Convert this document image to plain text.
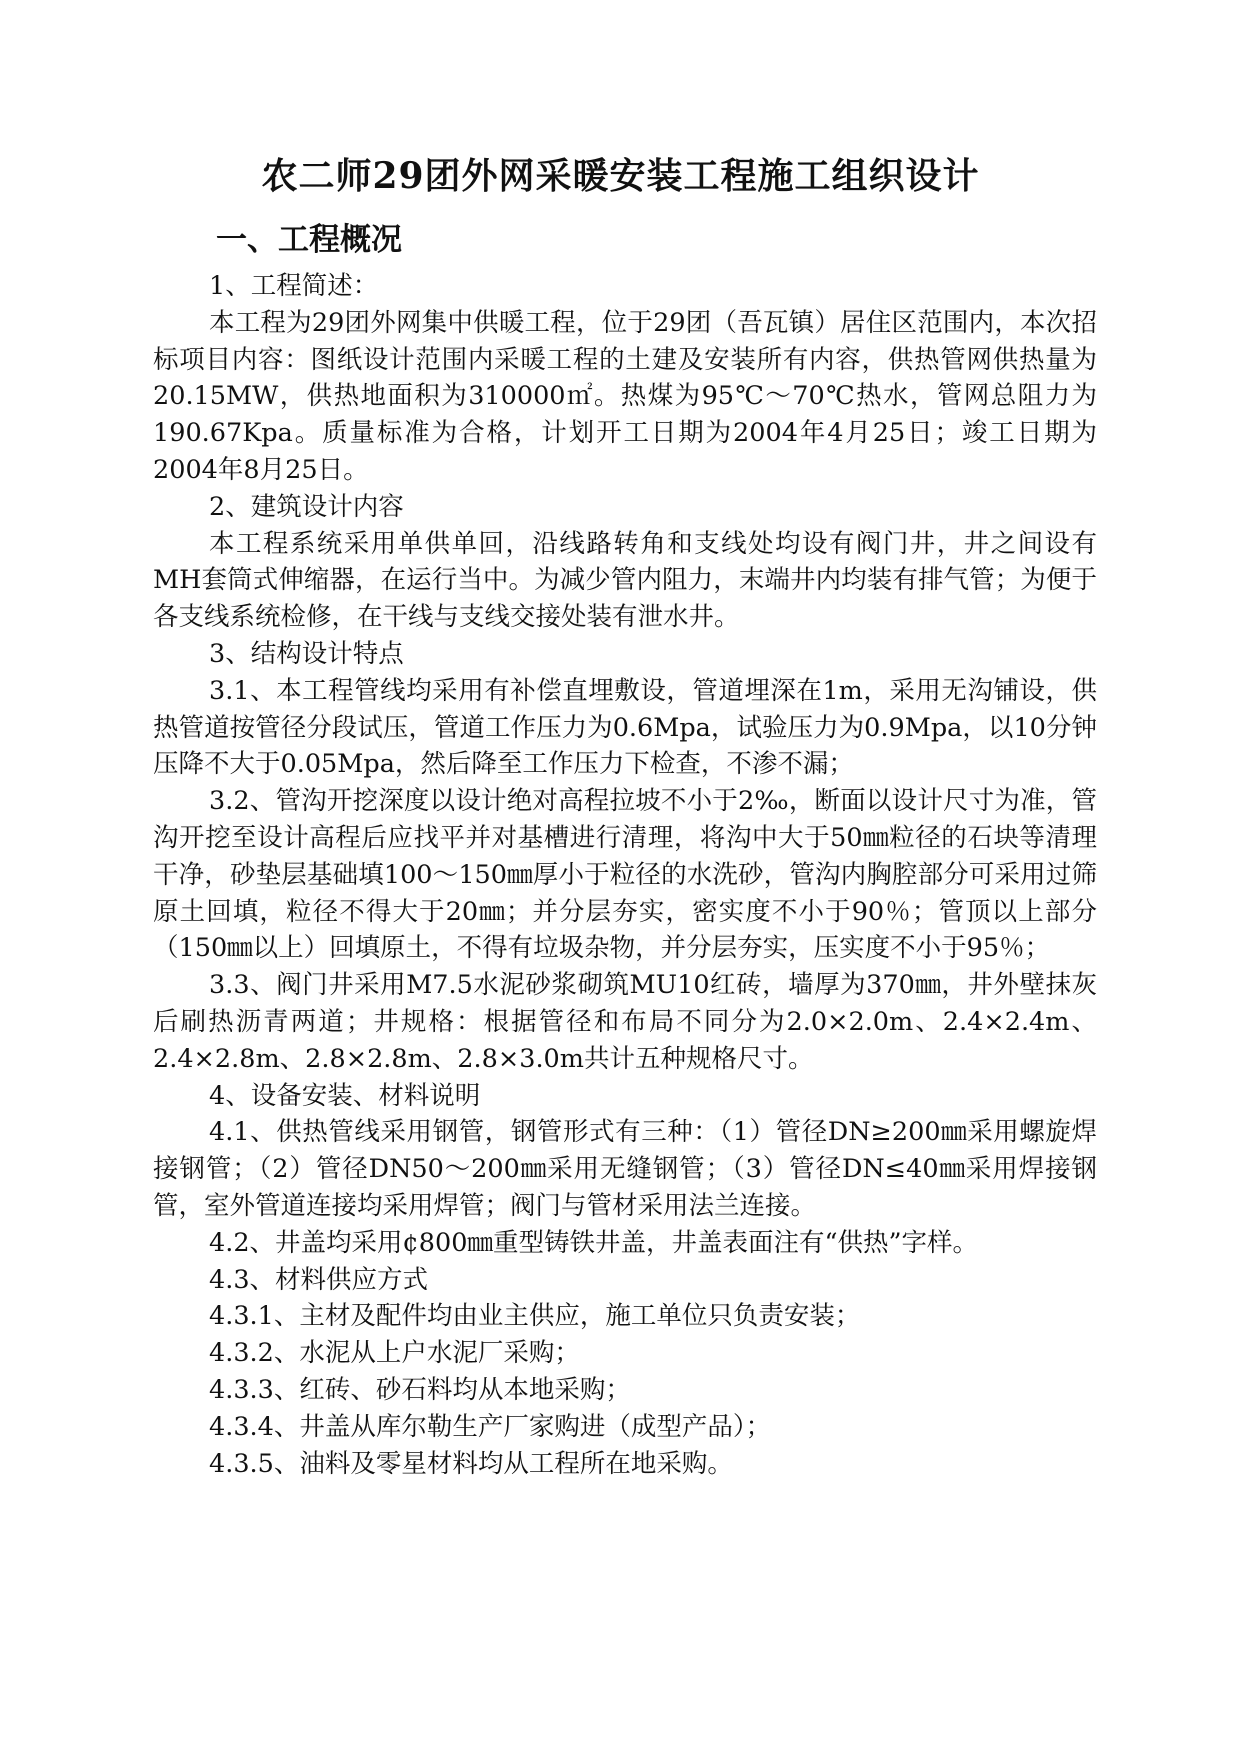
农二师29团外网采暖安装工程施工组织设计
一、工程概况

1、工程简述：

本工程为29团外网集中供暖工程，位于29团（吾瓦镇）居住区范围内，本次招标项目内容：图纸设计范围内采暖工程的土建及安装所有内容，供热管网供热量为20.15MW，供热地面积为310000㎡。热煤为95℃～70℃热水，管网总阻力为190.67Kpa。质量标准为合格，计划开工日期为2004年4月25日；竣工日期为2004年8月25日。

2、建筑设计内容

本工程系统采用单供单回，沿线路转角和支线处均设有阀门井，井之间设有MH套筒式伸缩器，在运行当中。为减少管内阻力，末端井内均装有排气管；为便于各支线系统检修，在干线与支线交接处装有泄水井。

3、结构设计特点

3.1、本工程管线均采用有补偿直埋敷设，管道埋深在1m，采用无沟铺设，供热管道按管径分段试压，管道工作压力为0.6Mpa，试验压力为0.9Mpa，以10分钟压降不大于0.05Mpa，然后降至工作压力下检查，不渗不漏；

3.2、管沟开挖深度以设计绝对高程拉坡不小于2‰，断面以设计尺寸为准，管沟开挖至设计高程后应找平并对基槽进行清理，将沟中大于50㎜粒径的石块等清理干净，砂垫层基础填100～150㎜厚小于粒径的水洗砂，管沟内胸腔部分可采用过筛原土回填，粒径不得大于20㎜；并分层夯实，密实度不小于90％；管顶以上部分（150㎜以上）回填原土，不得有垃圾杂物，并分层夯实，压实度不小于95％；

3.3、阀门井采用M7.5水泥砂浆砌筑MU10红砖，墙厚为370㎜，井外壁抹灰后刷热沥青两道；井规格：根据管径和布局不同分为2.0×2.0m、2.4×2.4m、2.4×2.8m、2.8×2.8m、2.8×3.0m共计五种规格尺寸。

4、设备安装、材料说明

4.1、供热管线采用钢管，钢管形式有三种：（1）管径DN≥200㎜采用螺旋焊接钢管；（2）管径DN50～200㎜采用无缝钢管；（3）管径DN≤40㎜采用焊接钢管，室外管道连接均采用焊管；阀门与管材采用法兰连接。

4.2、井盖均采用¢800㎜重型铸铁井盖，井盖表面注有“供热”字样。

4.3、材料供应方式

4.3.1、主材及配件均由业主供应，施工单位只负责安装；

4.3.2、水泥从上户水泥厂采购；

4.3.3、红砖、砂石料均从本地采购；

4.3.4、井盖从库尔勒生产厂家购进（成型产品）；

4.3.5、油料及零星材料均从工程所在地采购。
